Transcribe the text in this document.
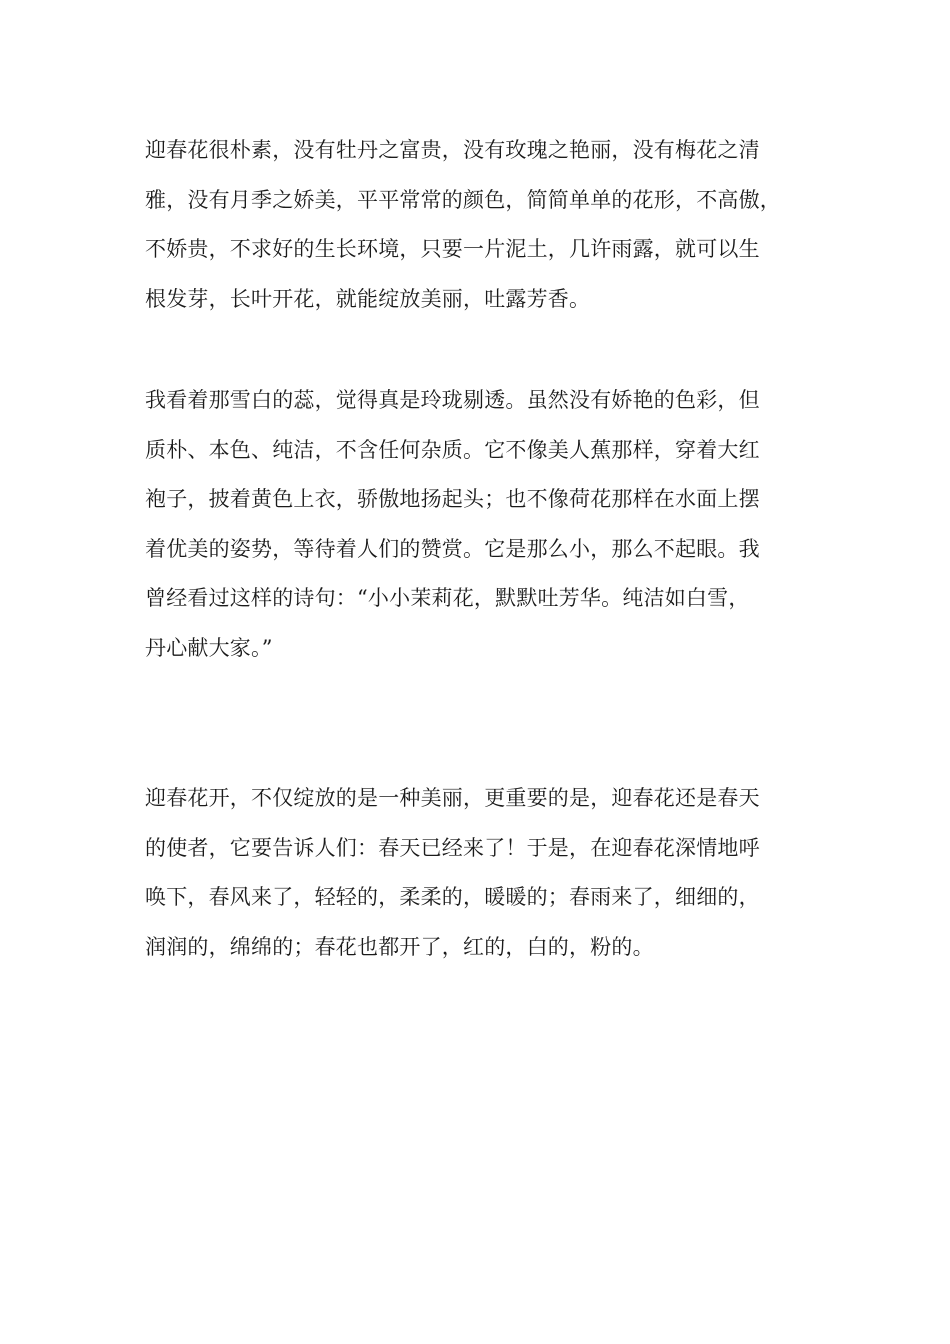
迎春花很朴素，没有牡丹之富贵，没有玫瑰之艳丽，没有梅花之清
雅，没有月季之娇美，平平常常的颜色，简简单单的花形，不高傲，
不娇贵，不求好的生长环境，只要一片泥土，几许雨露，就可以生
根发芽，长叶开花，就能绽放美丽，吐露芳香。

我看着那雪白的蕊，觉得真是玲珑剔透。虽然没有娇艳的色彩，但
质朴、本色、纯洁，不含任何杂质。它不像美人蕉那样，穿着大红
袍子，披着黄色上衣，骄傲地扬起头；也不像荷花那样在水面上摆
着优美的姿势，等待着人们的赞赏。它是那么小，那么不起眼。我
曾经看过这样的诗句：“小小茉莉花，默默吐芳华。纯洁如白雪，
丹心献大家。”

迎春花开，不仅绽放的是一种美丽，更重要的是，迎春花还是春天
的使者，它要告诉人们：春天已经来了！于是，在迎春花深情地呼
唤下，春风来了，轻轻的，柔柔的，暖暖的；春雨来了，细细的，
润润的，绵绵的；春花也都开了，红的，白的，粉的。
